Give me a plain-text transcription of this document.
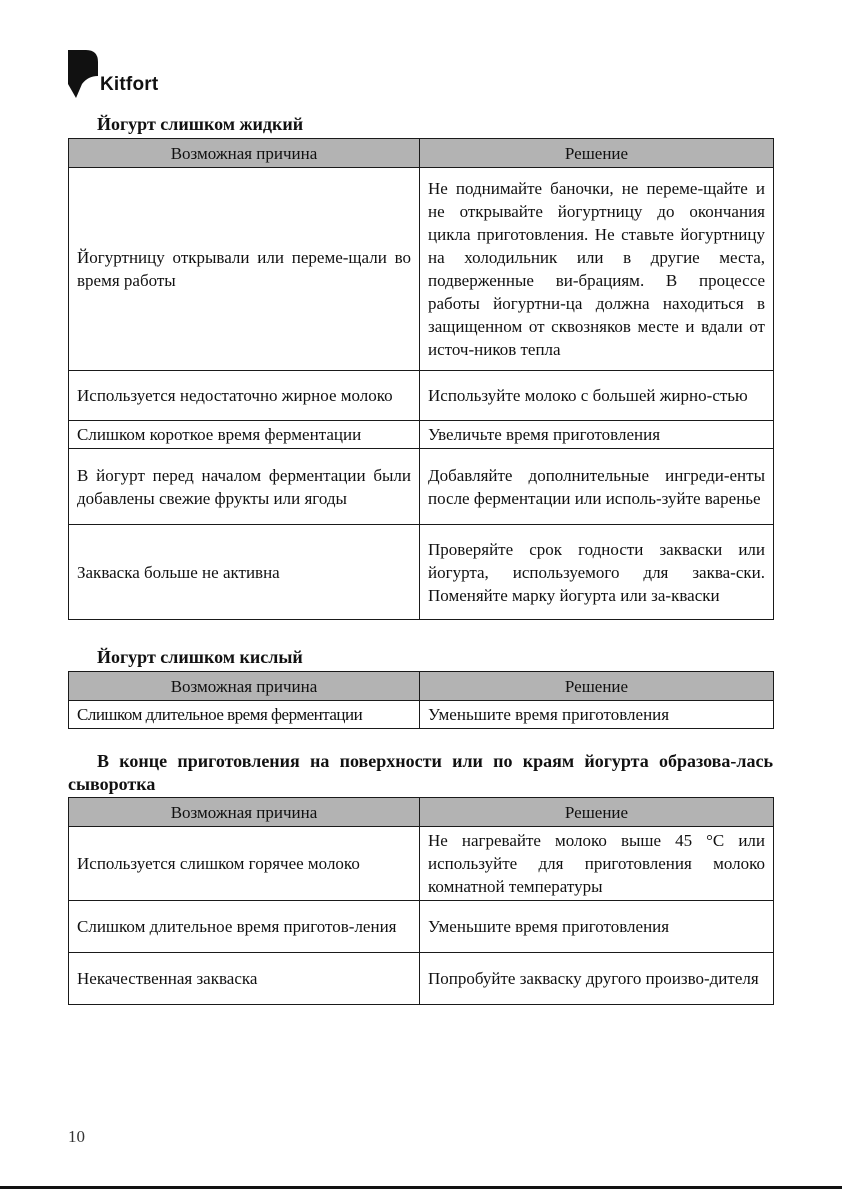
Kitfort
Йогурт слишком жидкий
Возможная причина	Решение
Йогуртницу открывали или переме-щали во время работы	Не поднимайте баночки, не переме-щайте и не открывайте йогуртницу до окончания цикла приготовления. Не ставьте йогуртницу на холодильник или в другие места, подверженные ви-брациям. В процессе работы йогуртни-ца должна находиться в защищенном от сквозняков месте и вдали от источ-ников тепла
Используется недостаточно жирное молоко	Используйте молоко с большей жирно-стью
Слишком короткое время ферментации	Увеличьте время приготовления
В йогурт перед началом ферментации были добавлены свежие фрукты или ягоды	Добавляйте дополнительные ингреди-енты после ферментации или исполь-зуйте варенье
Закваска больше не активна	Проверяйте срок годности закваски или йогурта, используемого для заква-ски. Поменяйте марку йогурта или за-кваски
Йогурт слишком кислый
Возможная причина	Решение
Слишком длительное время ферментации	Уменьшите время приготовления
В конце приготовления на поверхности или по краям йогурта образова-лась сыворотка
Возможная причина	Решение
Используется слишком горячее молоко	Не нагревайте молоко выше 45 °С или используйте для приготовления молоко комнатной температуры
Слишком длительное время приготов-ления	Уменьшите время приготовления
Некачественная закваска	Попробуйте закваску другого произво-дителя
10
